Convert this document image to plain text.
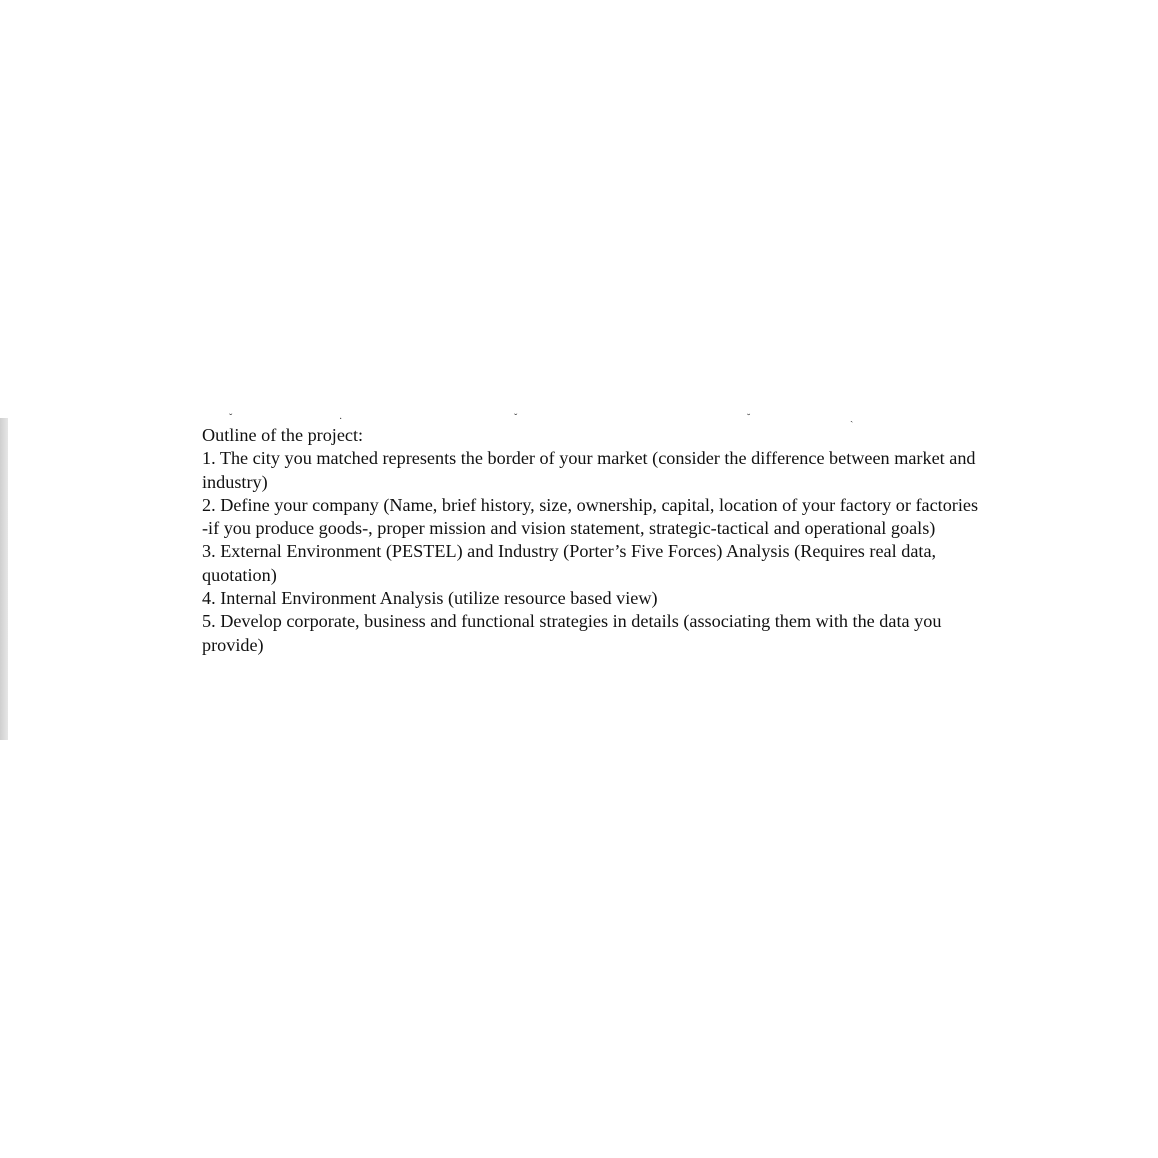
ˇ	·	ˇ	˘	ˏ

Outline of the project:

1. The city you matched represents the border of your market (consider the difference between market and industry)

2. Define your company (Name, brief history, size, ownership, capital, location of your factory or factories -if you produce goods-, proper mission and vision statement, strategic-tactical and operational goals)

3. External Environment (PESTEL) and Industry (Porter’s Five Forces) Analysis (Requires real data, quotation)

4. Internal Environment Analysis (utilize resource based view)

5. Develop corporate, business and functional strategies in details (associating them with the data you provide)
